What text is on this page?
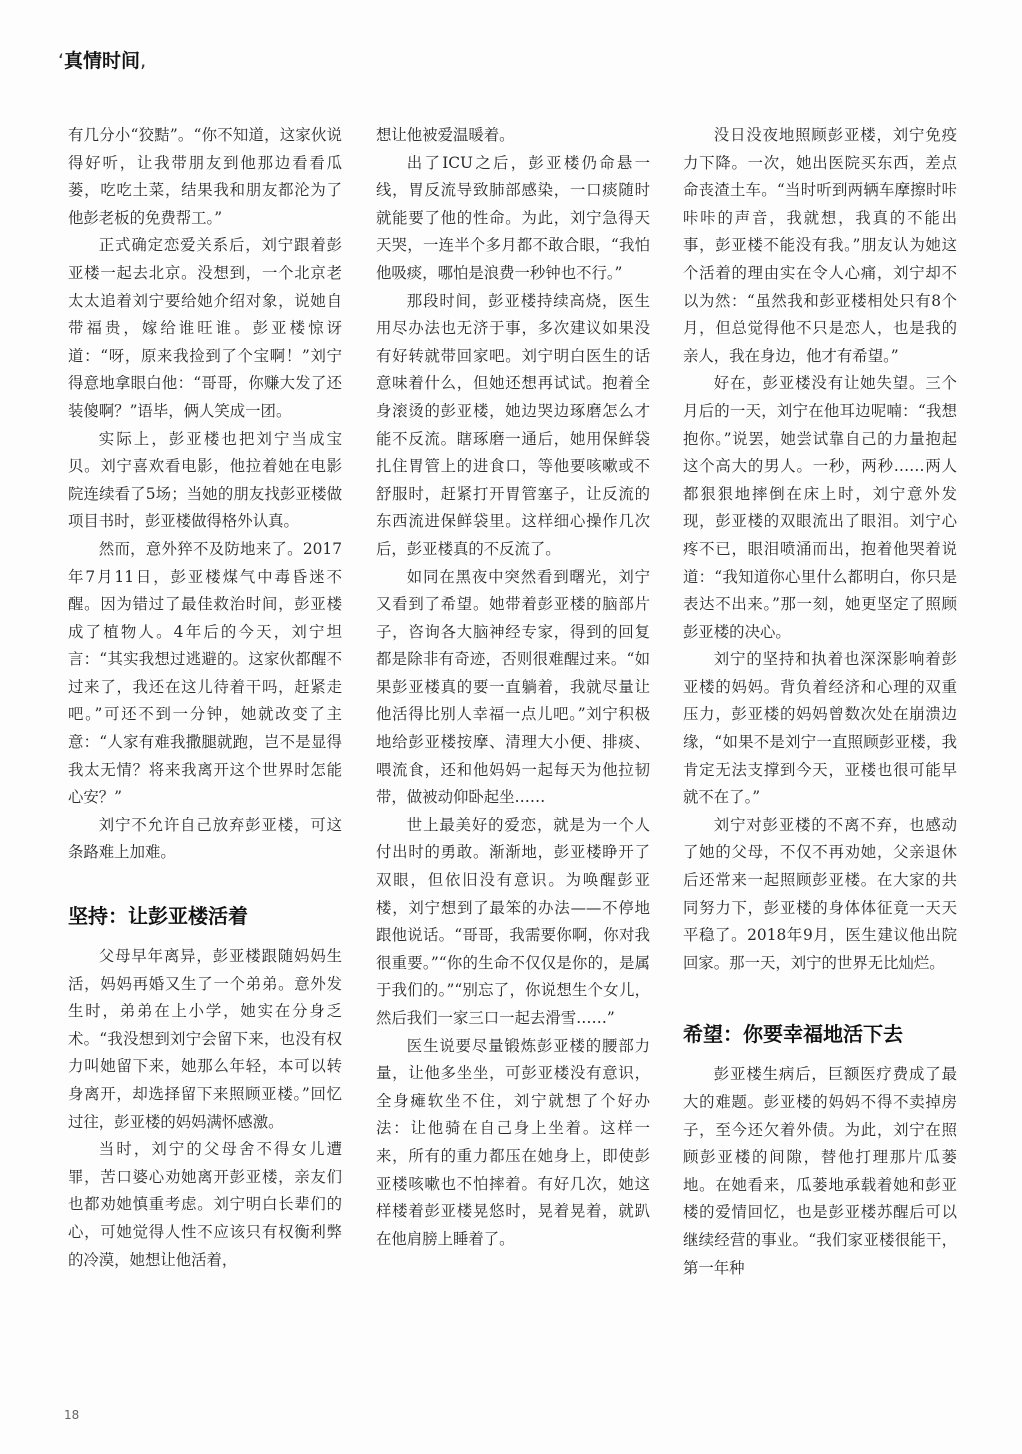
‘真情时间,

有几分小“狡黠”。“你不知道，这家伙说得好听，让我带朋友到他那边看看瓜蒌，吃吃土菜，结果我和朋友都沦为了他彭老板的免费帮工。”

正式确定恋爱关系后，刘宁跟着彭亚楼一起去北京。没想到，一个北京老太太追着刘宁要给她介绍对象，说她自带福贵，嫁给谁旺谁。彭亚楼惊讶道：“呀，原来我捡到了个宝啊！”刘宁得意地拿眼白他：“哥哥，你赚大发了还装傻啊？”语毕，俩人笑成一团。

实际上，彭亚楼也把刘宁当成宝贝。刘宁喜欢看电影，他拉着她在电影院连续看了5场；当她的朋友找彭亚楼做项目书时，彭亚楼做得格外认真。

然而，意外猝不及防地来了。2017年7月11日，彭亚楼煤气中毒昏迷不醒。因为错过了最佳救治时间，彭亚楼成了植物人。4年后的今天，刘宁坦言：“其实我想过逃避的。这家伙都醒不过来了，我还在这儿待着干吗，赶紧走吧。”可还不到一分钟，她就改变了主意：“人家有难我撒腿就跑，岂不是显得我太无情？将来我离开这个世界时怎能心安？”

刘宁不允许自己放弃彭亚楼，可这条路难上加难。

坚持：让彭亚楼活着

父母早年离异，彭亚楼跟随妈妈生活，妈妈再婚又生了一个弟弟。意外发生时，弟弟在上小学，她实在分身乏术。“我没想到刘宁会留下来，也没有权力叫她留下来，她那么年轻，本可以转身离开，却选择留下来照顾亚楼。”回忆过往，彭亚楼的妈妈满怀感激。

当时，刘宁的父母舍不得女儿遭罪，苦口婆心劝她离开彭亚楼，亲友们也都劝她慎重考虑。刘宁明白长辈们的心，可她觉得人性不应该只有权衡利弊的冷漠，她想让他活着，

想让他被爱温暖着。

出了ICU之后，彭亚楼仍命悬一线，胃反流导致肺部感染，一口痰随时就能要了他的性命。为此，刘宁急得天天哭，一连半个多月都不敢合眼，“我怕他吸痰，哪怕是浪费一秒钟也不行。”

那段时间，彭亚楼持续高烧，医生用尽办法也无济于事，多次建议如果没有好转就带回家吧。刘宁明白医生的话意味着什么，但她还想再试试。抱着全身滚烫的彭亚楼，她边哭边琢磨怎么才能不反流。瞎琢磨一通后，她用保鲜袋扎住胃管上的进食口，等他要咳嗽或不舒服时，赶紧打开胃管塞子，让反流的东西流进保鲜袋里。这样细心操作几次后，彭亚楼真的不反流了。

如同在黑夜中突然看到曙光，刘宁又看到了希望。她带着彭亚楼的脑部片子，咨询各大脑神经专家，得到的回复都是除非有奇迹，否则很难醒过来。“如果彭亚楼真的要一直躺着，我就尽量让他活得比别人幸福一点儿吧。”刘宁积极地给彭亚楼按摩、清理大小便、排痰、喂流食，还和他妈妈一起每天为他拉韧带，做被动仰卧起坐……

世上最美好的爱恋，就是为一个人付出时的勇敢。渐渐地，彭亚楼睁开了双眼，但依旧没有意识。为唤醒彭亚楼，刘宁想到了最笨的办法——不停地跟他说话。“哥哥，我需要你啊，你对我很重要。”“你的生命不仅仅是你的，是属于我们的。”“别忘了，你说想生个女儿，然后我们一家三口一起去滑雪……”

医生说要尽量锻炼彭亚楼的腰部力量，让他多坐坐，可彭亚楼没有意识，全身瘫软坐不住，刘宁就想了个好办法：让他骑在自己身上坐着。这样一来，所有的重力都压在她身上，即使彭亚楼咳嗽也不怕摔着。有好几次，她这样楼着彭亚楼晃悠时，晃着晃着，就趴在他肩膀上睡着了。

没日没夜地照顾彭亚楼，刘宁免疫力下降。一次，她出医院买东西，差点命丧渣土车。“当时听到两辆车摩擦时咔咔咔的声音，我就想，我真的不能出事，彭亚楼不能没有我。”朋友认为她这个活着的理由实在令人心痛，刘宁却不以为然：“虽然我和彭亚楼相处只有8个月，但总觉得他不只是恋人，也是我的亲人，我在身边，他才有希望。”

好在，彭亚楼没有让她失望。三个月后的一天，刘宁在他耳边呢喃：“我想抱你。”说罢，她尝试靠自己的力量抱起这个高大的男人。一秒，两秒……两人都狠狠地摔倒在床上时，刘宁意外发现，彭亚楼的双眼流出了眼泪。刘宁心疼不已，眼泪喷涌而出，抱着他哭着说道：“我知道你心里什么都明白，你只是表达不出来。”那一刻，她更坚定了照顾彭亚楼的决心。

刘宁的坚持和执着也深深影响着彭亚楼的妈妈。背负着经济和心理的双重压力，彭亚楼的妈妈曾数次处在崩溃边缘，“如果不是刘宁一直照顾彭亚楼，我肯定无法支撑到今天，亚楼也很可能早就不在了。”

刘宁对彭亚楼的不离不弃，也感动了她的父母，不仅不再劝她，父亲退休后还常来一起照顾彭亚楼。在大家的共同努力下，彭亚楼的身体体征竟一天天平稳了。2018年9月，医生建议他出院回家。那一天，刘宁的世界无比灿烂。

希望：你要幸福地活下去

彭亚楼生病后，巨额医疗费成了最大的难题。彭亚楼的妈妈不得不卖掉房子，至今还欠着外债。为此，刘宁在照顾彭亚楼的间隙，替他打理那片瓜蒌地。在她看来，瓜蒌地承载着她和彭亚楼的爱情回忆，也是彭亚楼苏醒后可以继续经营的事业。“我们家亚楼很能干，第一年种

18
